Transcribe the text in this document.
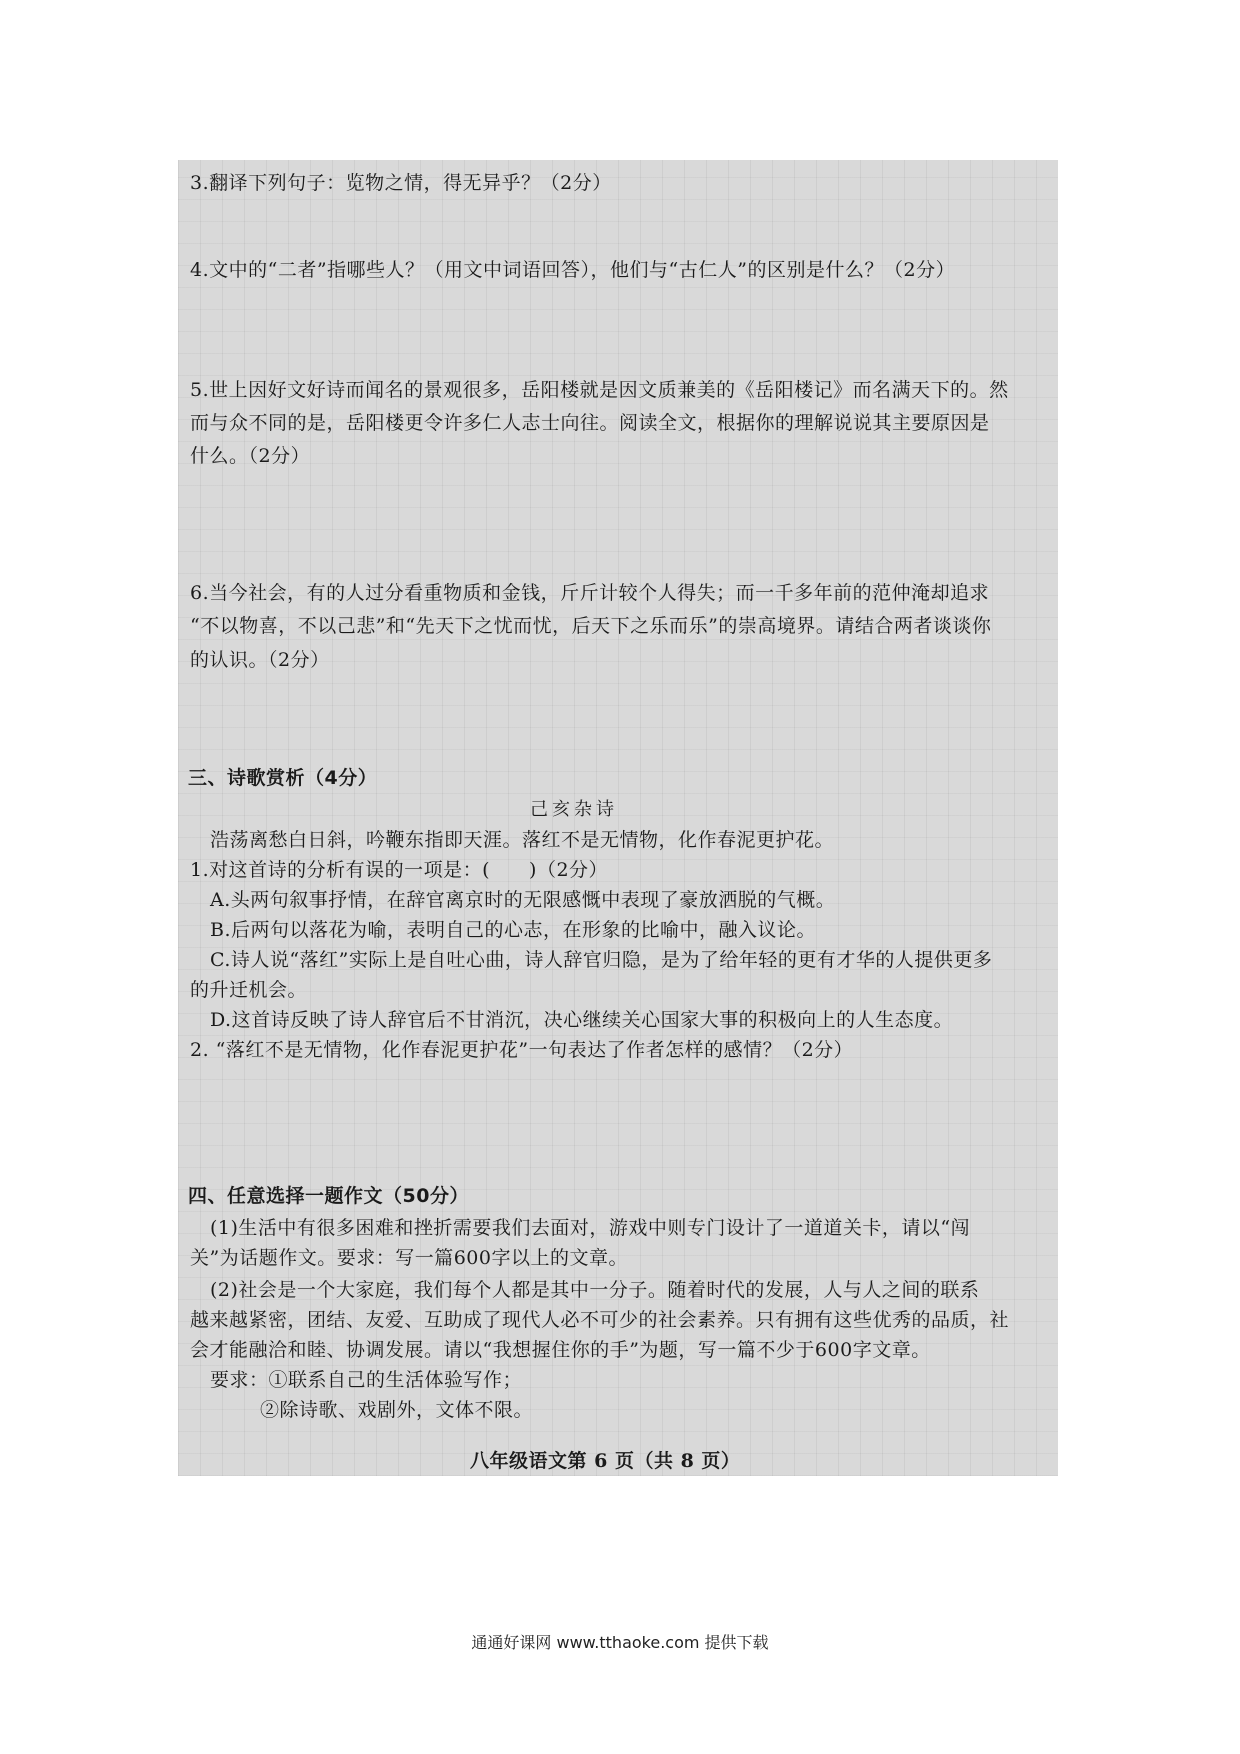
3.翻译下列句子：览物之情，得无异乎？（2分）
4.文中的“二者”指哪些人？（用文中词语回答），他们与“古仁人”的区别是什么？（2分）
5.世上因好文好诗而闻名的景观很多，岳阳楼就是因文质兼美的《岳阳楼记》而名满天下的。然
而与众不同的是，岳阳楼更令许多仁人志士向往。阅读全文，根据你的理解说说其主要原因是
什么。（2分）
6.当今社会，有的人过分看重物质和金钱，斤斤计较个人得失；而一千多年前的范仲淹却追求
“不以物喜，不以己悲”和“先天下之忧而忧，后天下之乐而乐”的崇高境界。请结合两者谈谈你
的认识。（2分）
三、诗歌赏析（4分）
己亥杂诗
浩荡离愁白日斜，吟鞭东指即天涯。落红不是无情物，化作春泥更护花。
1.对这首诗的分析有误的一项是：(　　)（2分）
A.头两句叙事抒情，在辞官离京时的无限感慨中表现了豪放洒脱的气概。
B.后两句以落花为喻，表明自己的心志，在形象的比喻中，融入议论。
C.诗人说“落红”实际上是自吐心曲，诗人辞官归隐，是为了给年轻的更有才华的人提供更多
的升迁机会。
D.这首诗反映了诗人辞官后不甘消沉，决心继续关心国家大事的积极向上的人生态度。
2. “落红不是无情物，化作春泥更护花”一句表达了作者怎样的感情？（2分）
四、任意选择一题作文（50分）
(1)生活中有很多困难和挫折需要我们去面对，游戏中则专门设计了一道道关卡，请以“闯
关”为话题作文。要求：写一篇600字以上的文章。
(2)社会是一个大家庭，我们每个人都是其中一分子。随着时代的发展，人与人之间的联系
越来越紧密，团结、友爱、互助成了现代人必不可少的社会素养。只有拥有这些优秀的品质，社
会才能融洽和睦、协调发展。请以“我想握住你的手”为题，写一篇不少于600字文章。
要求：①联系自己的生活体验写作；
②除诗歌、戏剧外，文体不限。
八年级语文第 6 页（共 8 页）
通通好课网 www.tthaoke.com 提供下载
